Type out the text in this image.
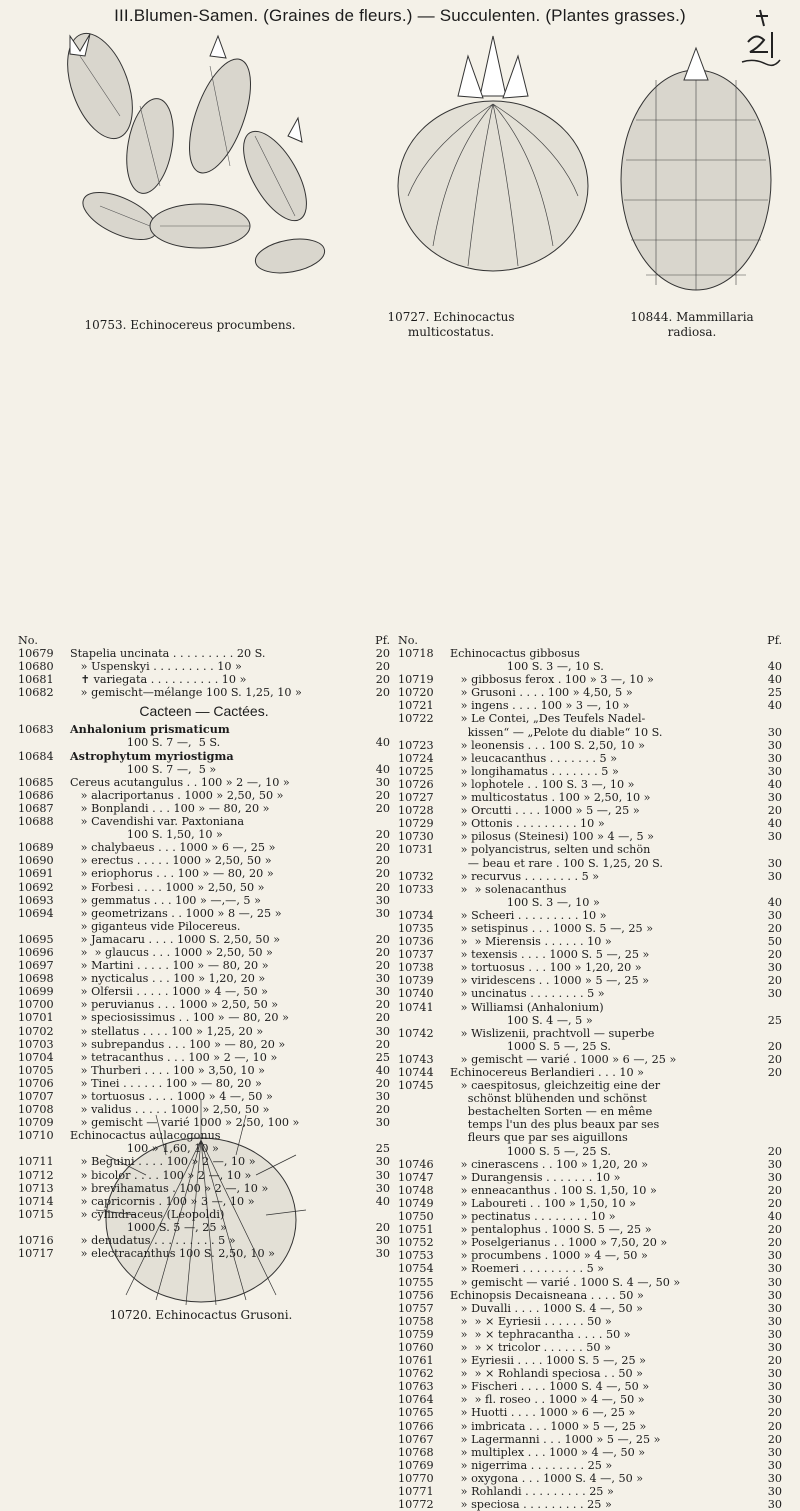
III.Blumen-Samen. (Graines de fleurs.) — Succulenten. (Plantes grasses.)
10753. Echinocereus procumbens.
10727. Echinocactus
multicostatus.
10844. Mammillaria
radiosa.
10720. Echinocactus Grusoni.
No.	Pf.
10679	Stapelia uncinata . . . . . . . . . 20 S.	20
10680	» Uspenskyi . . . . . . . . . 10 »	20
10681	✝ variegata . . . . . . . . . . 10 »	20
10682	» gemischt—mélange 100 S. 1,25, 10 »	20
Cacteen — Cactées.
10683	Anhalonium prismaticum
100 S. 7 —,  5 S.	40
10684	Astrophytum myriostigma
100 S. 7 —,  5 »	40
10685	Cereus acutangulus . . 100 » 2 —, 10 »	30
10686	» alacriportanus . 1000 » 2,50, 50 »	20
10687	» Bonplandi . . . 100 » — 80, 20 »	20
10688	» Cavendishi var. Paxtoniana
100 S. 1,50, 10 »	20
10689	» chalybaeus . . . 1000 » 6 —, 25 »	20
10690	» erectus . . . . . 1000 » 2,50, 50 »	20
10691	» eriophorus . . . 100 » — 80, 20 »	20
10692	» Forbesi . . . . 1000 » 2,50, 50 »	20
10693	» gemmatus . . . 100 » —,—, 5 »	30
10694	» geometrizans . . 1000 » 8 —, 25 »	30
» giganteus vide Pilocereus.
10695	» Jamacaru . . . . 1000 S. 2,50, 50 »	20
10696	»  » glaucus . . . 1000 » 2,50, 50 »	20
10697	» Martini . . . . . 100 » — 80, 20 »	20
10698	» nycticalus . . . 100 » 1,20, 20 »	30
10699	» Olfersii . . . . . 1000 » 4 —, 50 »	30
10700	» peruvianus . . . 1000 » 2,50, 50 »	20
10701	» speciosissimus . . 100 » — 80, 20 »	20
10702	» stellatus . . . . 100 » 1,25, 20 »	30
10703	» subrepandus . . . 100 » — 80, 20 »	20
10704	» tetracanthus . . . 100 » 2 —, 10 »	25
10705	» Thurberi . . . . 100 » 3,50, 10 »	40
10706	» Tinei . . . . . . 100 » — 80, 20 »	20
10707	» tortuosus . . . . 1000 » 4 —, 50 »	30
10708	» validus . . . . . 1000 » 2,50, 50 »	20
10709	» gemischt — varié 1000 » 2,50, 100 »	30
10710	Echinocactus aulacogonus
100 » 1,60, 10 »	25
10711	» Beguini . . . . 100 » 2 —, 10 »	30
10712	» bicolor . . . . 100 » 2 —, 10 »	30
10713	» brevihamatus . 100 » 2 —, 10 »	30
10714	» capricornis . 100 » 3 —, 10 »	40
10715	» cylindraceus (Leopoldi)
1000 S. 5 —, 25 »	20
10716	» denudatus . . . . . . . . . 5 »	30
10717	» electracanthus 100 S. 2,50, 10 »	30
No.	Pf.
10718	Echinocactus gibbosus
100 S. 3 —, 10 S.	40
10719	» gibbosus ferox . 100 » 3 —, 10 »	40
10720	» Grusoni . . . . 100 » 4,50, 5 »	25
10721	» ingens . . . . 100 » 3 —, 10 »	40
10722	» Le Contei, „Des Teufels Nadel-
kissen“ — „Pelote du diable“ 10 S.	30
10723	» leonensis . . . 100 S. 2,50, 10 »	30
10724	» leucacanthus . . . . . . . 5 »	30
10725	» longihamatus . . . . . . . 5 »	30
10726	» lophotele . . 100 S. 3 —, 10 »	40
10727	» multicostatus . 100 » 2,50, 10 »	30
10728	» Orcutti . . . . 1000 » 5 —, 25 »	20
10729	» Ottonis . . . . . . . . . 10 »	40
10730	» pilosus (Steinesi) 100 » 4 —, 5 »	30
10731	» polyancistrus, selten und schön
— beau et rare . 100 S. 1,25, 20 S.	30
10732	» recurvus . . . . . . . . 5 »	30
10733	»  » solenacanthus
100 S. 3 —, 10 »	40
10734	» Scheeri . . . . . . . . . 10 »	30
10735	» setispinus . . . 1000 S. 5 —, 25 »	20
10736	»  » Mierensis . . . . . . 10 »	50
10737	» texensis . . . . 1000 S. 5 —, 25 »	20
10738	» tortuosus . . . 100 » 1,20, 20 »	30
10739	» viridescens . . 1000 » 5 —, 25 »	20
10740	» uncinatus . . . . . . . . 5 »	30
10741	» Williamsi (Anhalonium)
100 S. 4 —, 5 »	25
10742	» Wislizenii, prachtvoll — superbe
1000 S. 5 —, 25 S.	20
10743	» gemischt — varié . 1000 » 6 —, 25 »	20
10744	Echinocereus Berlandieri . . . 10 »	20
10745	» caespitosus, gleichzeitig eine der
schönst blühenden und schönst
bestachelten Sorten — en même
temps l'un des plus beaux par ses
fleurs que par ses aiguillons
1000 S. 5 —, 25 S.	20
10746	» cinerascens . . 100 » 1,20, 20 »	30
10747	» Durangensis . . . . . . . 10 »	30
10748	» enneacanthus . 100 S. 1,50, 10 »	20
10749	» Laboureti . . 100 » 1,50, 10 »	20
10750	» pectinatus . . . . . . . . 10 »	40
10751	» pentalophus . 1000 S. 5 —, 25 »	20
10752	» Poselgerianus . . 1000 » 7,50, 20 »	20
10753	» procumbens . 1000 » 4 —, 50 »	30
10754	» Roemeri . . . . . . . . . 5 »	30
10755	» gemischt — varié . 1000 S. 4 —, 50 »	30
10756	Echinopsis Decaisneana . . . . 50 »	30
10757	» Duvalli . . . . 1000 S. 4 —, 50 »	30
10758	»  » × Eyriesii . . . . . . 50 »	30
10759	»  » × tephracantha . . . . 50 »	30
10760	»  » × tricolor . . . . . . 50 »	30
10761	» Eyriesii . . . . 1000 S. 5 —, 25 »	20
10762	»  » × Rohlandi speciosa . . 50 »	30
10763	» Fischeri . . . . 1000 S. 4 —, 50 »	30
10764	»  » fl. roseo . . 1000 » 4 —, 50 »	30
10765	» Huotti . . . . 1000 » 6 —, 25 »	20
10766	» imbricata . . . 1000 » 5 —, 25 »	20
10767	» Lagermanni . . . 1000 » 5 —, 25 »	20
10768	» multiplex . . . 1000 » 4 —, 50 »	30
10769	» nigerrima . . . . . . . . 25 »	30
10770	» oxygona . . . 1000 S. 4 —, 50 »	30
10771	» Rohlandi . . . . . . . . . 25 »	30
10772	» speciosa . . . . . . . . . 25 »	30
